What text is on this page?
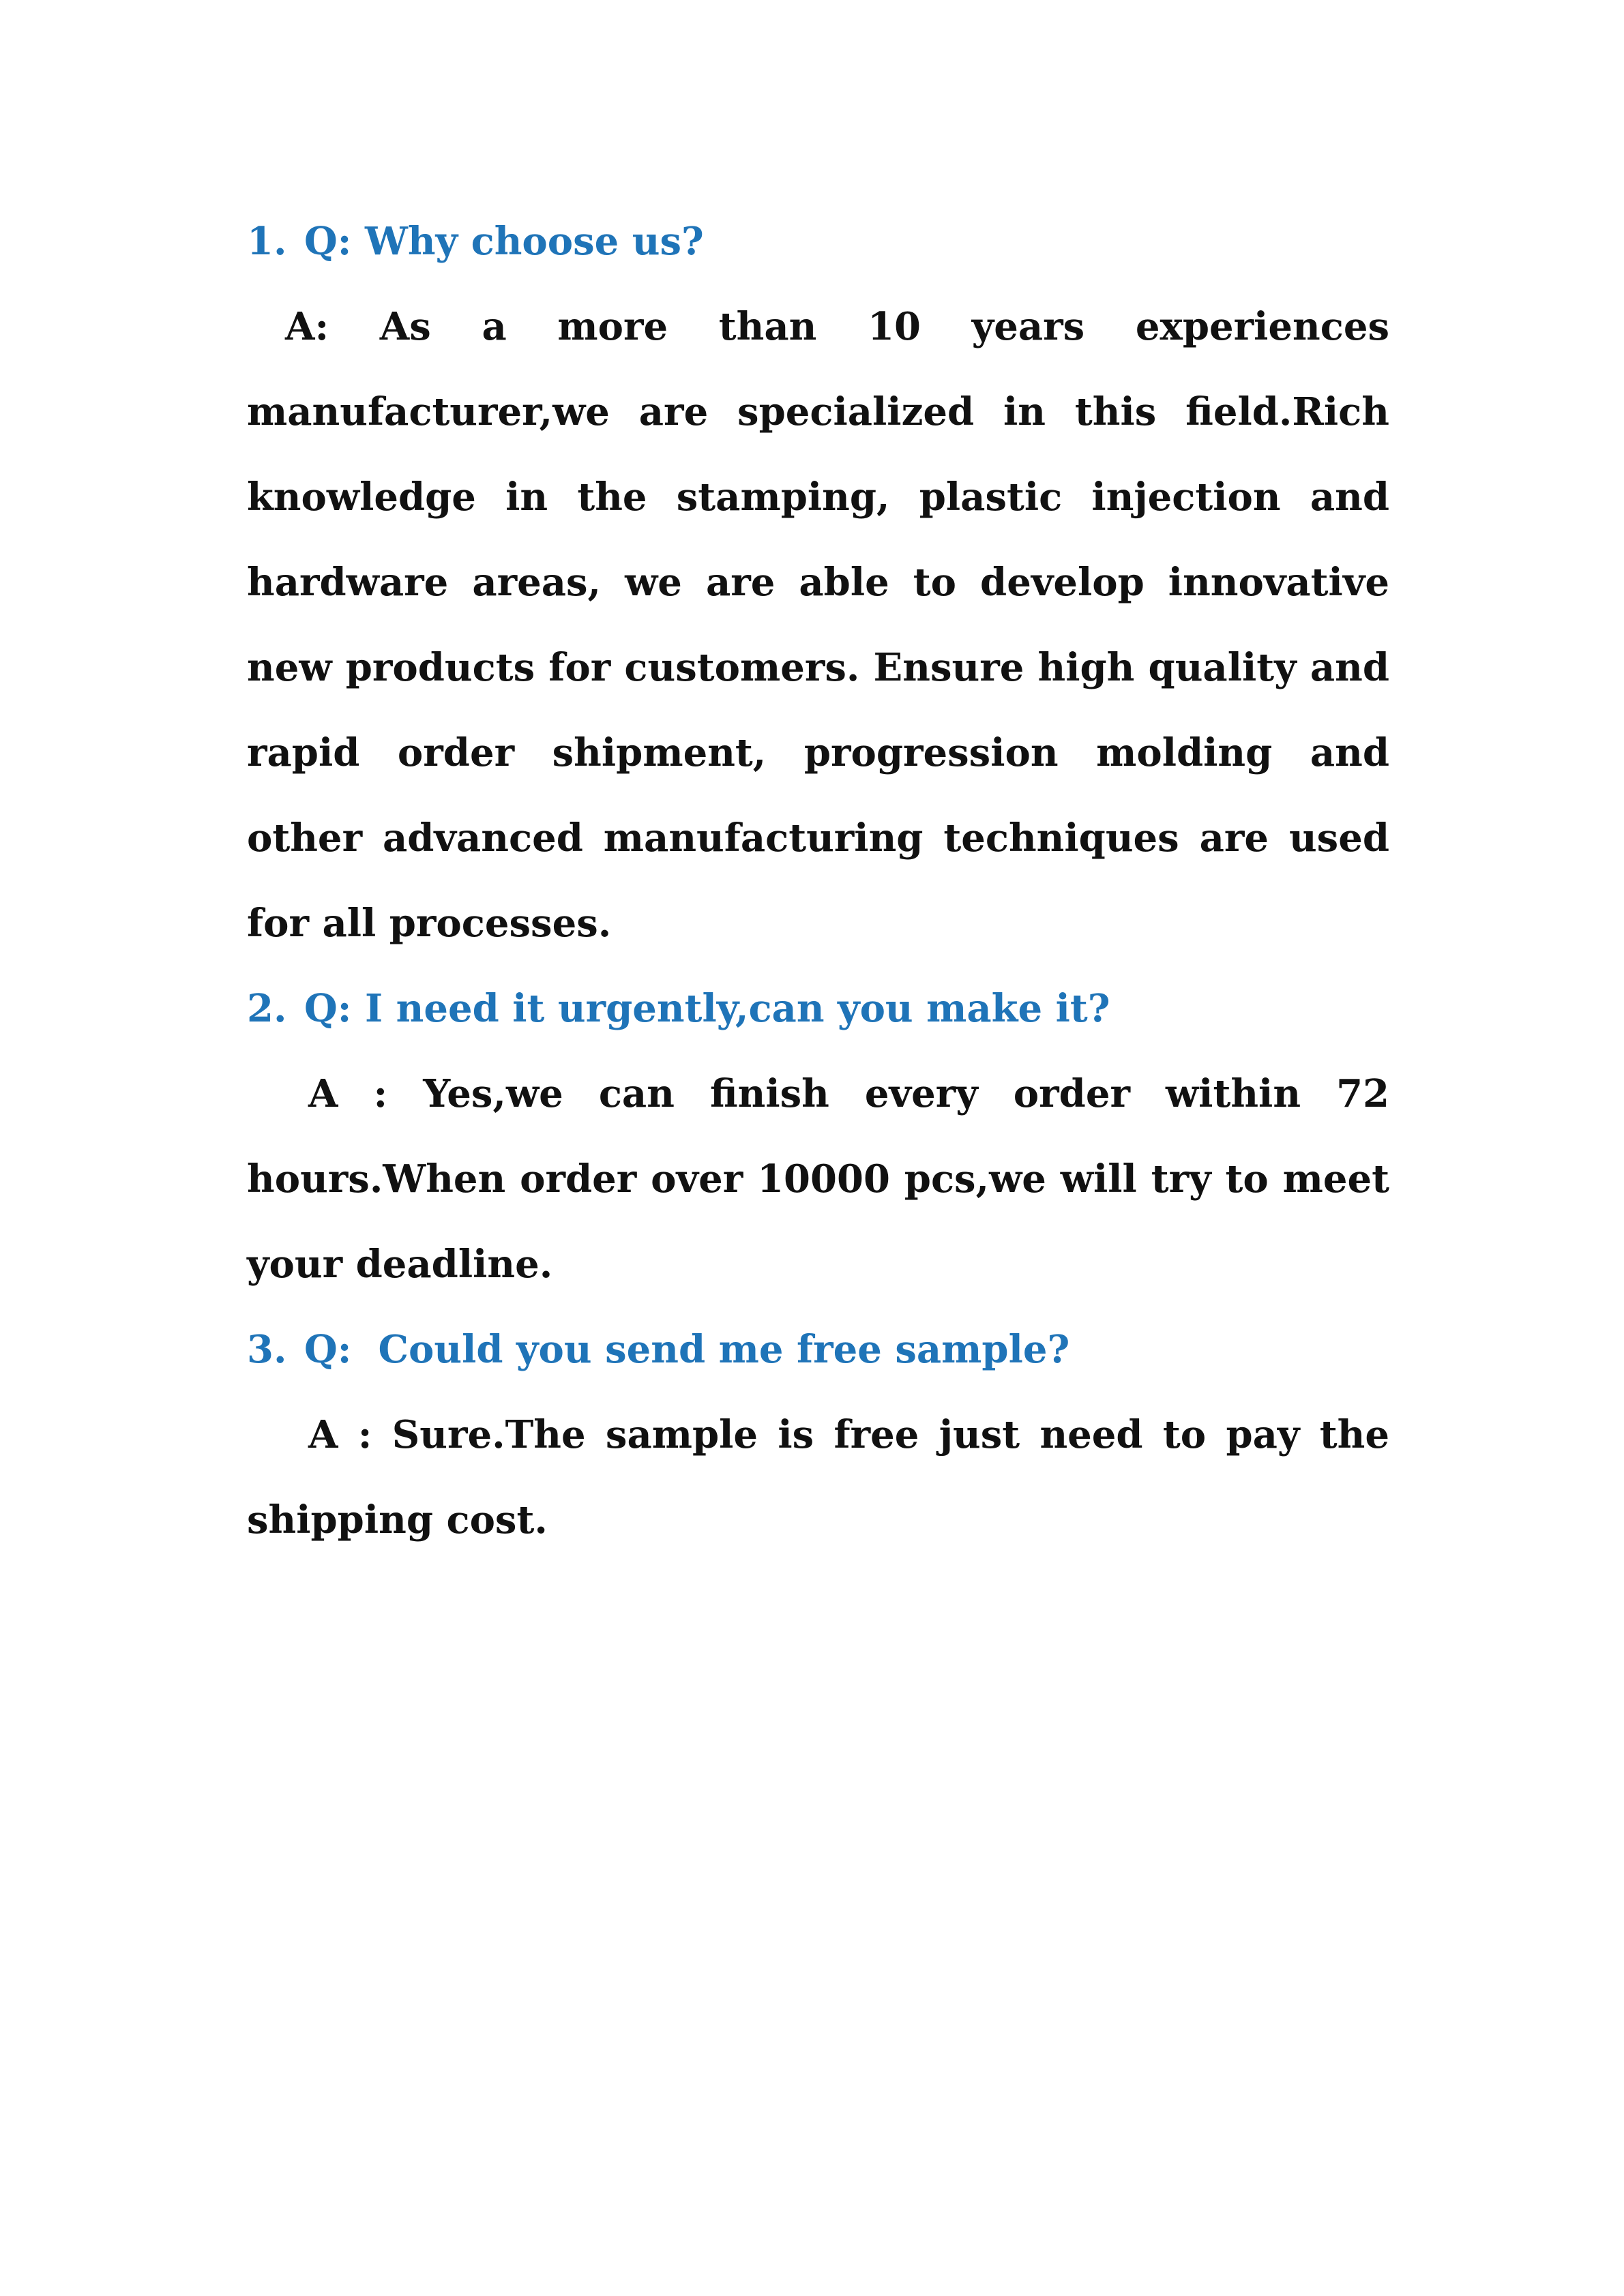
1. Q: Why choose us?

A: As a more than 10 years experiences manufacturer,we are specialized in this field.Rich knowledge in the stamping, plastic injection and hardware areas, we are able to develop innovative new products for customers. Ensure high quality and rapid order shipment, progression molding and other advanced manufacturing techniques are used for all processes.

2. Q: I need it urgently,can you make it?

A : Yes,we can finish every order within 72 hours.When order over 10000 pcs,we will try to meet your deadline.

3. Q:  Could you send me free sample?

A : Sure.The sample is free just need to pay the shipping cost.
